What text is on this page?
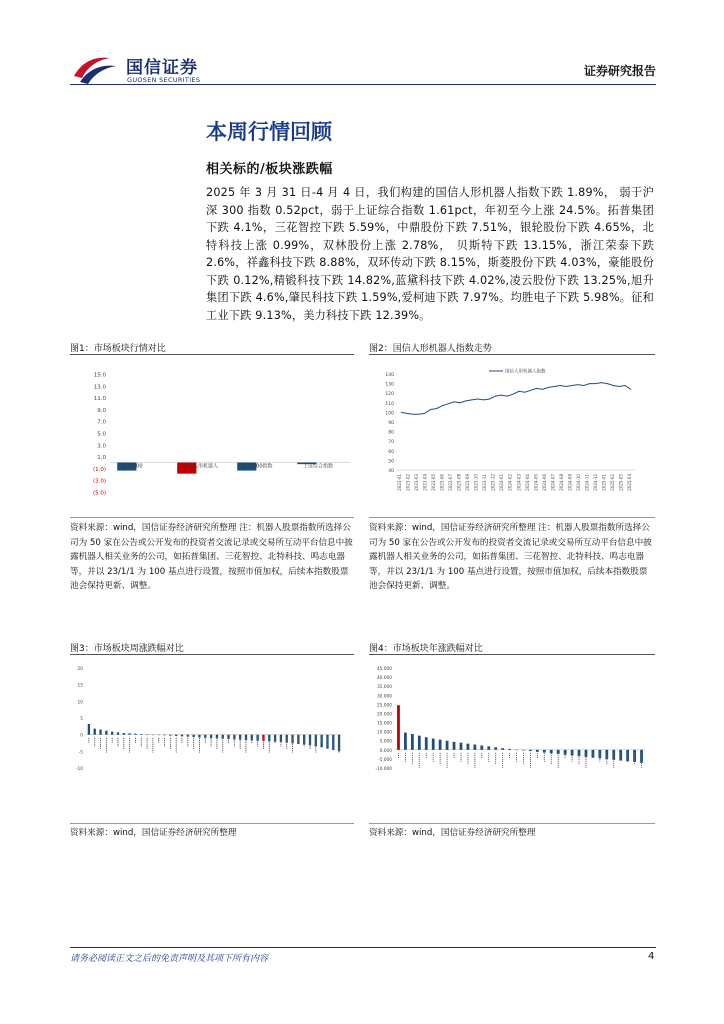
国信证券
GUOSEN SECURITIES
证券研究报告
本周行情回顾
相关标的/板块涨跌幅
2025 年 3 月 31 日-4 月 4 日，我们构建的国信人形机器人指数下跌 1.89%， 弱于沪深 300 指数 0.52pct，弱于上证综合指数 1.61pct，年初至今上涨 24.5%。拓普集团下跌 4.1%，三花智控下跌 5.59%，中鼎股份下跌 7.51%，银轮股份下跌 4.65%，北特科技上涨 0.99%，双林股份上涨 2.78%， 贝斯特下跌 13.15%，浙江荣泰下跌 2.6%，祥鑫科技下跌 8.88%，双环传动下跌 8.15%，斯菱股份下跌 4.03%，豪能股份下跌 0.12%,精锻科技下跌 14.82%,蓝黛科技下跌 4.02%,凌云股份下跌 13.25%,旭升集团下跌 4.6%,肇民科技下跌 1.59%,爱柯迪下跌 7.97%。均胜电子下跌 5.98%。征和工业下跌 9.13%，美力科技下跌 12.39%。
图1：市场板块行情对比
15.0
13.0
11.0
9.0
7.0
5.0
3.0
1.0
(1.0)
(3.0)
(5.0)
沪深300	国信人形机器人	沪深300指数	上证综合指数
资料来源：wind，国信证券经济研究所整理 注：机器人股票指数所选择公司为 50 家在公告或公开发布的投资者交流记录或交易所互动平台信息中披露机器人相关业务的公司，如拓普集团、三花智控、北特科技、鸣志电器等，并以 23/1/1 为 100 基点进行设置，按照市值加权，后续本指数股票池会保持更新、调整。
图2：国信人形机器人指数走势
140
130
120
110
100
90
80
70
60
50
40
国信人形机器人指数
2023-01 2023-02 2023-03 2023-04 2023-05 2023-06 2023-07 2023-08 2023-09 2023-10 2023-11 2023-12 2024-01 2024-02 2024-03 2024-04 2024-05 2024-06 2024-07 2024-08 2024-09 2024-10 2024-11 2024-12 2025-01 2025-02 2025-03 2025-04
资料来源：wind，国信证券经济研究所整理 注：机器人股票指数所选择公司为 50 家在公告或公开发布的投资者交流记录或交易所互动平台信息中披露机器人相关业务的公司，如拓普集团、三花智控、北特科技、鸣志电器等，并以 23/1/1 为 100 基点进行设置，按照市值加权，后续本指数股票池会保持更新、调整。
图3：市场板块周涨跌幅对比
20
15
10
5
0
-5
-10
资料来源：wind，国信证券经济研究所整理
图4：市场板块年涨跌幅对比
45.000
40.000
35.000
30.000
25.000
20.000
15.000
10.000
5.000
0.000
-5.000
-10.000
资料来源：wind，国信证券经济研究所整理
请务必阅读正文之后的免责声明及其项下所有内容	4
